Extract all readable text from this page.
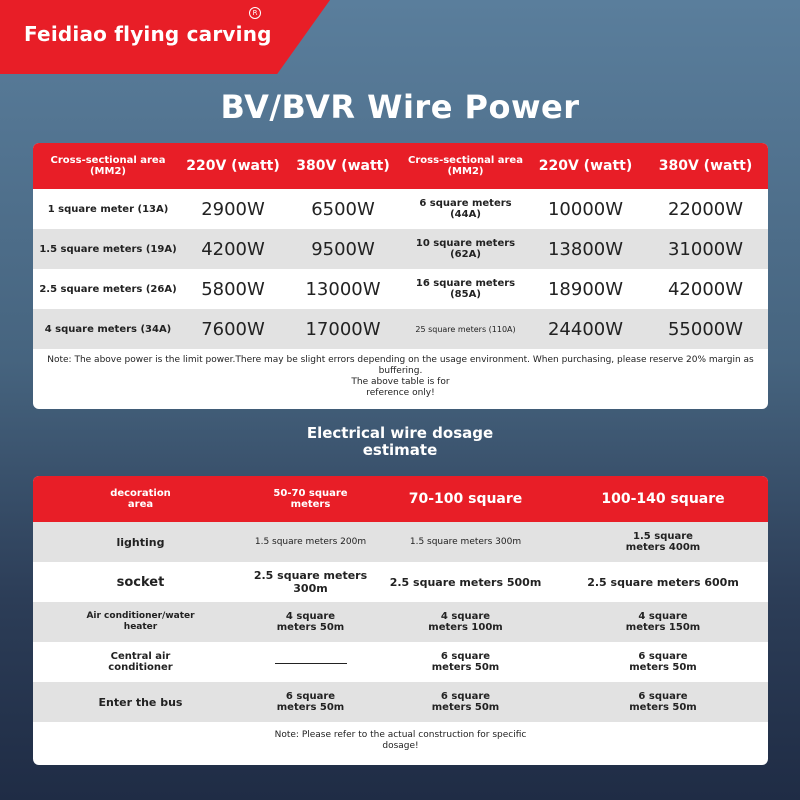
Feidiao flying carving
R
BV/BVR Wire Power
Cross-sectional area (MM2)	220V (watt)	380V (watt)	Cross-sectional area (MM2)	220V (watt)	380V (watt)
1 square meter (13A)	2900W	6500W	6 square meters (44A)	10000W	22000W
1.5 square meters (19A)	4200W	9500W	10 square meters (62A)	13800W	31000W
2.5 square meters (26A)	5800W	13000W	16 square meters (85A)	18900W	42000W
4 square meters (34A)	7600W	17000W	25 square meters (110A)	24400W	55000W
Note: The above power is the limit power.There may be slight errors depending on the usage environment. When purchasing, please reserve 20% margin as buffering.
The above table is for reference only!
Electrical wire dosage estimate
decoration area	50-70 square meters	70-100 square	100-140 square
lighting	1.5 square meters 200m	1.5 square meters 300m	1.5 square meters 400m

socket	2.5 square meters 300m	2.5 square meters 500m	2.5 square meters 600m

Air conditioner/water heater	4 square meters 50m	4 square meters 100m	4 square meters 150m

Central air conditioner		6 square meters 50m	6 square meters 50m

Enter the bus	6 square meters 50m	6 square meters 50m	6 square meters 50m
Note: Please refer to the actual construction for specific dosage!
